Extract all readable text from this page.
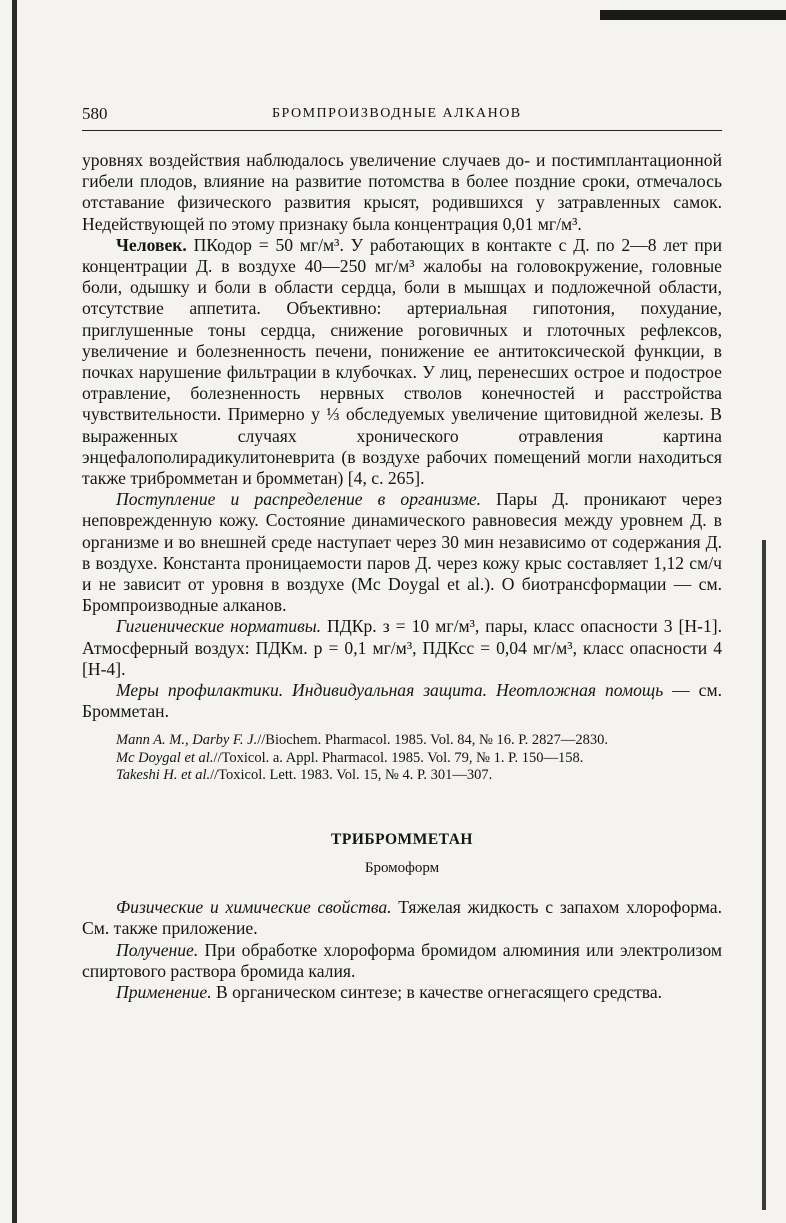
580	БРОМПРОИЗВОДНЫЕ АЛКАНОВ

уровнях воздействия наблюдалось увеличение случаев до- и постимплантационной гибели плодов, влияние на развитие потомства в более поздние сроки, отмечалось отставание физического развития крысят, родившихся у затравленных самок. Недействующей по этому признаку была концентрация 0,01 мг/м³.

Человек. ПКодор = 50 мг/м³. У работающих в контакте с Д. по 2—8 лет при концентрации Д. в воздухе 40—250 мг/м³ жалобы на головокружение, головные боли, одышку и боли в области сердца, боли в мышцах и подложечной области, отсутствие аппетита. Объективно: артериальная гипотония, похудание, приглушенные тоны сердца, снижение роговичных и глоточных рефлексов, увеличение и болезненность печени, понижение ее антитоксической функции, в почках нарушение фильтрации в клубочках. У лиц, перенесших острое и подострое отравление, болезненность нервных стволов конечностей и расстройства чувствительности. Примерно у ⅓ обследуемых увеличение щитовидной железы. В выраженных случаях хронического отравления картина энцефалополирадикулитоневрита (в воздухе рабочих помещений могли находиться также трибромметан и бромметан) [4, с. 265].

Поступление и распределение в организме. Пары Д. проникают через неповрежденную кожу. Состояние динамического равновесия между уровнем Д. в организме и во внешней среде наступает через 30 мин независимо от содержания Д. в воздухе. Константа проницаемости паров Д. через кожу крыс составляет 1,12 см/ч и не зависит от уровня в воздухе (Mc Doygal et al.). О биотрансформации — см. Бромпроизводные алканов.

Гигиенические нормативы. ПДКр. з = 10 мг/м³, пары, класс опасности 3 [Н-1]. Атмосферный воздух: ПДКм. р = 0,1 мг/м³, ПДКсс = 0,04 мг/м³, класс опасности 4 [Н-4].

Меры профилактики. Индивидуальная защита. Неотложная помощь — см. Бромметан.

Mann A. M., Darby F. J.//Biochem. Pharmacol. 1985. Vol. 84, № 16. P. 2827—2830.

Mc Doygal et al.//Toxicol. a. Appl. Pharmacol. 1985. Vol. 79, № 1. P. 150—158.

Takeshi H. et al.//Toxicol. Lett. 1983. Vol. 15, № 4. P. 301—307.

ТРИБРОММЕТАН
Бромоформ

Физические и химические свойства. Тяжелая жидкость с запахом хлороформа. См. также приложение.

Получение. При обработке хлороформа бромидом алюминия или электролизом спиртового раствора бромида калия.

Применение. В органическом синтезе; в качестве огнегасящего средства.
